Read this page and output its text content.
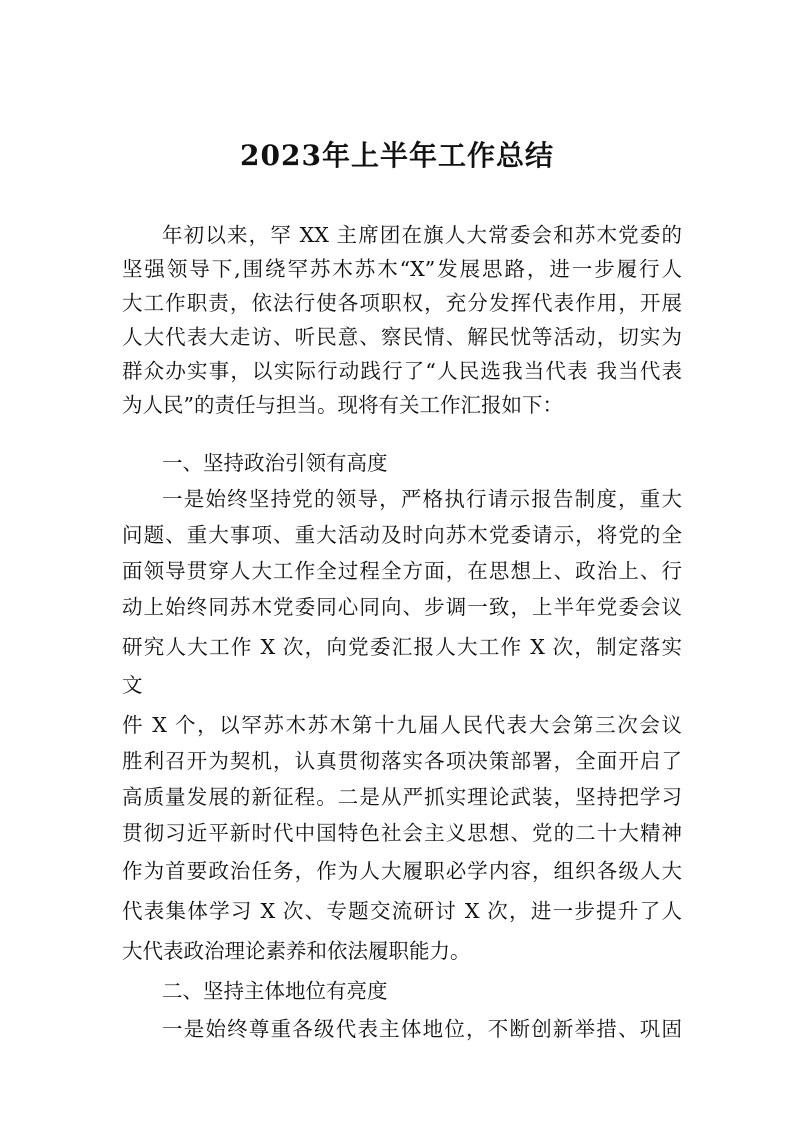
2023年上半年工作总结
年初以来，罕 XX 主席团在旗人大常委会和苏木党委的
坚强领导下,围绕罕苏木苏木“X”发展思路，进一步履行人
大工作职责，依法行使各项职权，充分发挥代表作用，开展
人大代表大走访、听民意、察民情、解民忧等活动，切实为
群众办实事，以实际行动践行了“人民选我当代表 我当代表
为人民”的责任与担当。现将有关工作汇报如下：
一、坚持政治引领有高度
一是始终坚持党的领导，严格执行请示报告制度，重大
问题、重大事项、重大活动及时向苏木党委请示，将党的全
面领导贯穿人大工作全过程全方面，在思想上、政治上、行
动上始终同苏木党委同心同向、步调一致，上半年党委会议
研究人大工作 X 次，向党委汇报人大工作 X 次，制定落实
文
件 X 个，以罕苏木苏木第十九届人民代表大会第三次会议
胜利召开为契机，认真贯彻落实各项决策部署，全面开启了
高质量发展的新征程。二是从严抓实理论武装，坚持把学习
贯彻习近平新时代中国特色社会主义思想、党的二十大精神
作为首要政治任务，作为人大履职必学内容，组织各级人大
代表集体学习 X 次、专题交流研讨 X 次，进一步提升了人
大代表政治理论素养和依法履职能力。
二、坚持主体地位有亮度
一是始终尊重各级代表主体地位，不断创新举措、巩固
